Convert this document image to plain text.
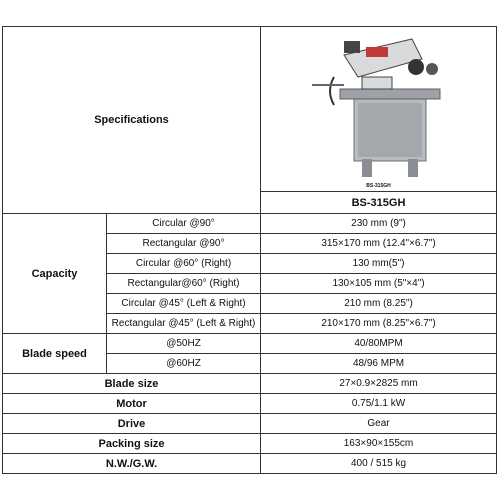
Specifications		BS-315GH

		BS-315GH
Capacity	Circular @90°	230 mm (9")
	Rectangular @90°	315×170 mm (12.4"×6.7")
	Circular @60° (Right)	130 mm(5")
	Rectangular@60° (Right)	130×105 mm (5"×4")
	Circular @45° (Left & Right)	210 mm (8.25")
	Rectangular @45° (Left & Right)	210×170 mm (8.25"×6.7")
Blade speed	@50HZ	40/80MPM
	@60HZ	48/96 MPM
Blade size		27×0.9×2825 mm
Motor		0.75/1.1 kW
Drive		Gear
Packing size		163×90×155cm
N.W./G.W.		400 / 515 kg
